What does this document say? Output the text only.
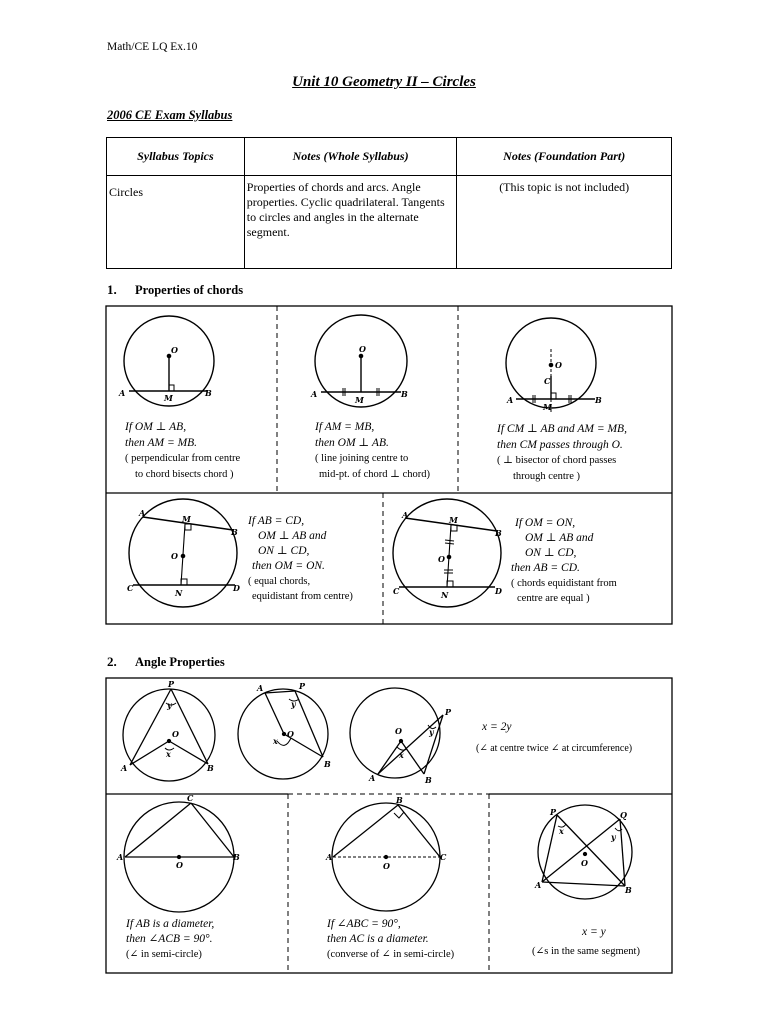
Math/CE LQ Ex.10
Unit 10 Geometry II – Circles
2006 CE Exam Syllabus
Syllabus Topics	Notes (Whole Syllabus)	Notes (Foundation Part)
Circles	Properties of chords and arcs. Angle properties. Cyclic quadrilateral. Tangents to circles and angles in the alternate segment.	(This topic is not included)
1. Properties of chords
O
A	B
M
O
A	B
M
O
C
A	B
M
A
M
B
O
C	N	D
A	M
B
O
C	N	D
If OM ⊥ AB,
then AM = MB.
( perpendicular from centre
to chord bisects chord )
If AM = MB,
then OM ⊥ AB.
( line joining centre to
mid-pt. of chord ⊥ chord)
If CM ⊥ AB and AM = MB,
then CM passes through O.
( ⊥ bisector of chord passes
through centre )
If AB = CD,
OM ⊥ AB and
ON ⊥ CD,
then OM = ON.
( equal chords,
equidistant from centre)
If OM = ON,
OM ⊥ AB and
ON ⊥ CD,
then AB = CD.
( chords equidistant from
centre are equal )
2. Angle Properties
P
y
O
x
A	B
A	P
y
O
x
B
O
P
y
x
A	B
C
A
O
B
B
A
O
C
P	Q
x
y
O
A	B
x = 2y
(∠ at centre twice ∠ at circumference)
If AB is a diameter,
then ∠ACB = 90°.
(∠ in semi-circle)
If ∠ABC = 90°,
then AC is a diameter.
(converse of ∠ in semi-circle)
x = y
(∠s in the same segment)
